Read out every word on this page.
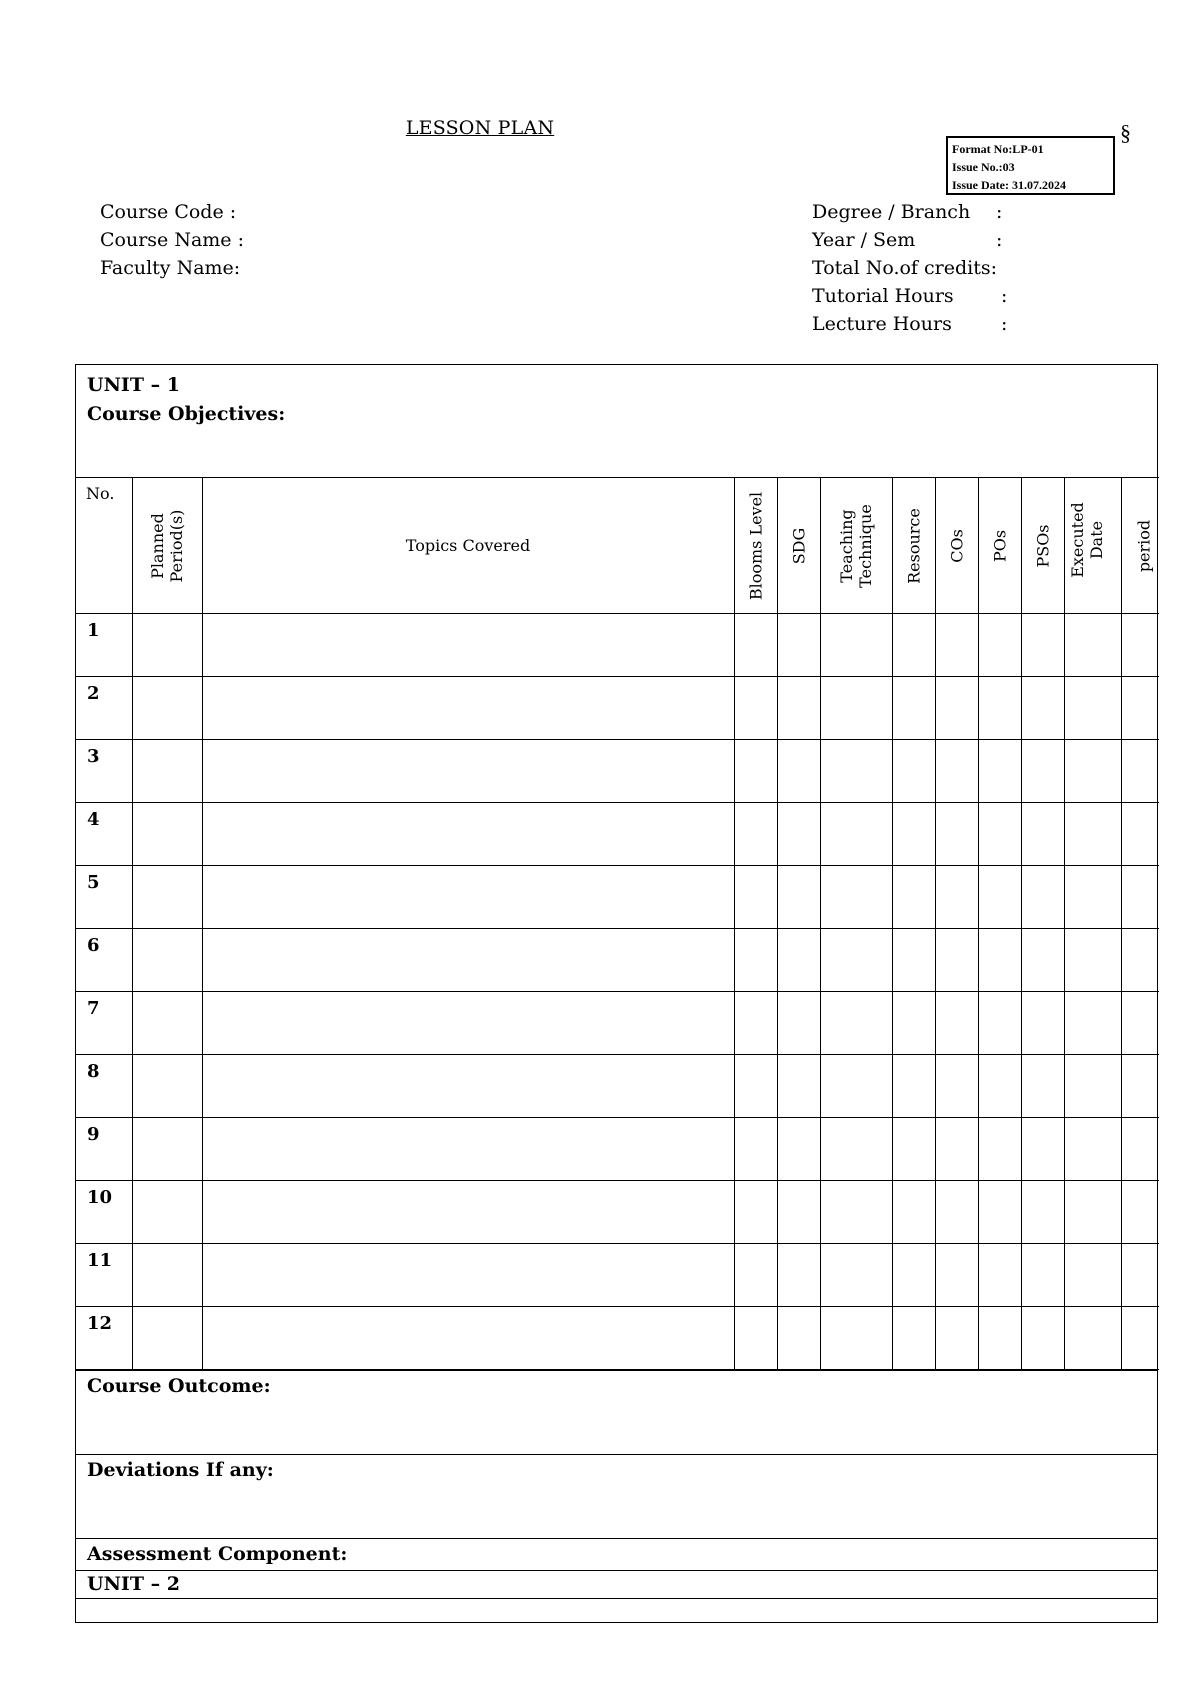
LESSON PLAN
Format No:LP-01
Issue No.:03
Issue Date: 31.07.2024
§
Course Code :
Course Name :
Faculty Name:
Degree / Branch :
Year / Sem	:
Total No.of credits:
Tutorial Hours :
Lecture Hours	:
UNIT – 1
Course Objectives:
No.	Planned Period(s)	Topics Covered	Blooms Level	SDG	Teaching Technique	Resource	COs	POs	PSOs	Executed Date	period

1											
2											
3											
4											
5											
6											
7											
8											
9											
10											
11											
12											
Course Outcome:
Deviations If any:
Assessment Component:
UNIT – 2
